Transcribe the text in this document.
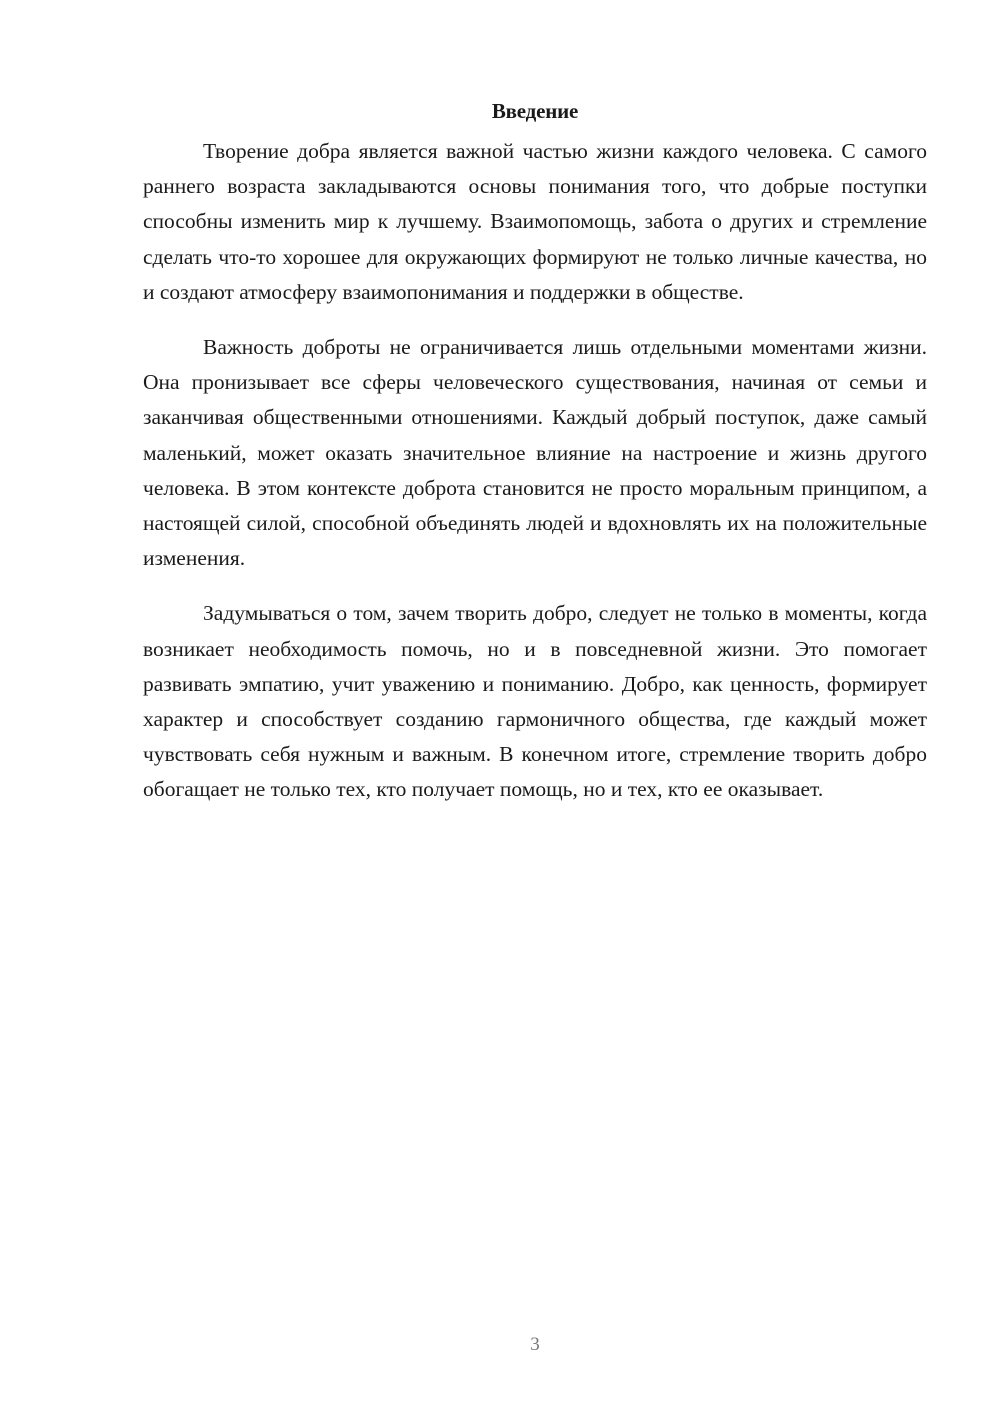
Введение

Творение добра является важной частью жизни каждого человека. С самого раннего возраста закладываются основы понимания того, что добрые поступки способны изменить мир к лучшему. Взаимопомощь, забота о других и стремление сделать что-то хорошее для окружающих формируют не только личные качества, но и создают атмосферу взаимопонимания и поддержки в обществе.

Важность доброты не ограничивается лишь отдельными моментами жизни. Она пронизывает все сферы человеческого существования, начиная от семьи и заканчивая общественными отношениями. Каждый добрый поступок, даже самый маленький, может оказать значительное влияние на настроение и жизнь другого человека. В этом контексте доброта становится не просто моральным принципом, а настоящей силой, способной объединять людей и вдохновлять их на положительные изменения.

Задумываться о том, зачем творить добро, следует не только в моменты, когда возникает необходимость помочь, но и в повседневной жизни. Это помогает развивать эмпатию, учит уважению и пониманию. Добро, как ценность, формирует характер и способствует созданию гармоничного общества, где каждый может чувствовать себя нужным и важным. В конечном итоге, стремление творить добро обогащает не только тех, кто получает помощь, но и тех, кто ее оказывает.

3
